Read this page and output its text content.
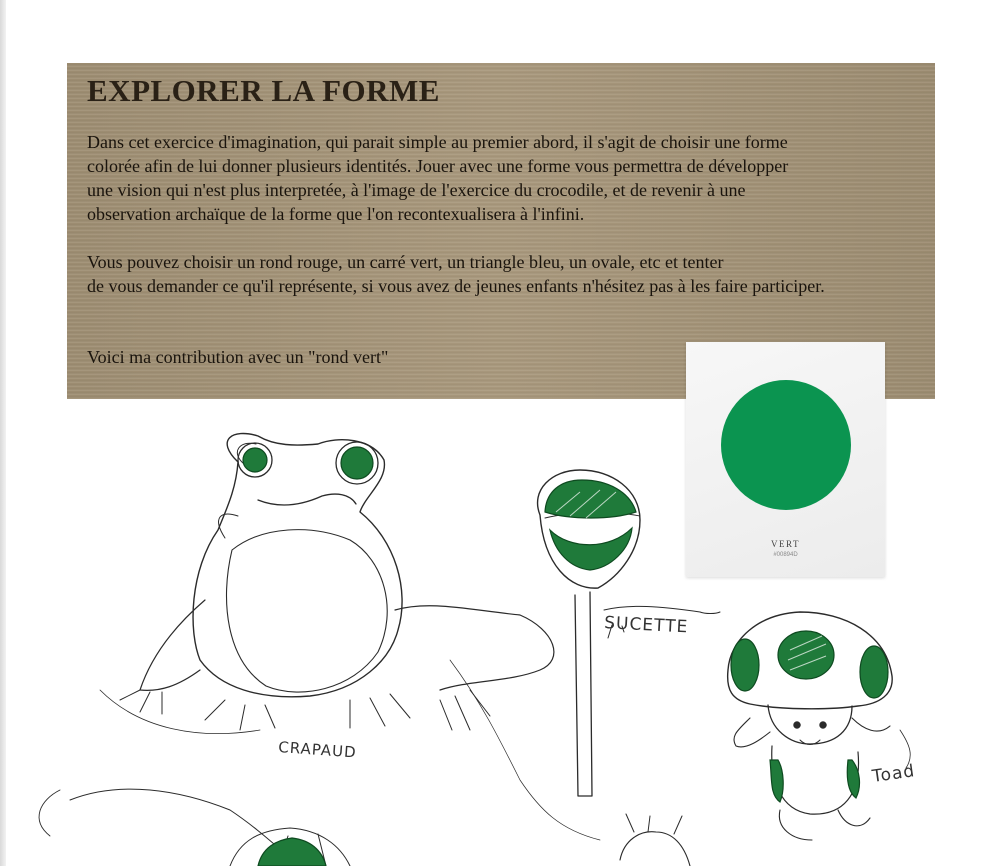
EXPLORER LA FORME

Dans cet exercice d'imagination, qui parait simple au premier abord, il s'agit de choisir une forme
colorée afin de lui donner plusieurs identités. Jouer avec une forme vous permettra de développer
une vision qui n'est plus interpretée, à l'image de l'exercice du crocodile, et de revenir à une
observation archaïque de la forme que l'on recontexualisera à l'infini.

Vous pouvez choisir un rond rouge, un carré vert, un triangle bleu, un ovale, etc et tenter
de vous demander ce qu'il représente, si vous avez de jeunes enfants n'hésitez pas à les faire participer.

Voici ma contribution avec un "rond vert"

CRAPAUD
SUCETTE
Toad
VERT
#00894D
